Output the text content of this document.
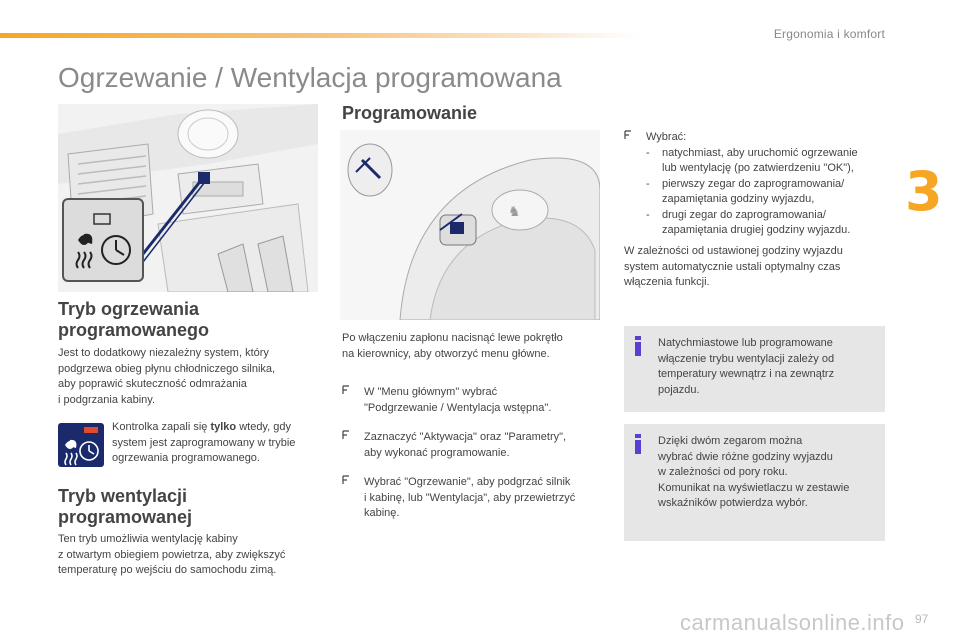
Ergonomia i komfort
3
Ogrzewanie / Wentylacja programowana
♞
Tryb ogrzewania
programowanego
Jest to dodatkowy niezależny system, który
podgrzewa obieg płynu chłodniczego silnika,
aby poprawić skuteczność odmrażania
i podgrzania kabiny.
Kontrolka zapali się tylko wtedy, gdy
system jest zaprogramowany w trybie
ogrzewania programowanego.
Tryb wentylacji
programowanej
Ten tryb umożliwia wentylację kabiny
z otwartym obiegiem powietrza, aby zwiększyć
temperaturę po wejściu do samochodu zimą.
Programowanie
Po włączeniu zapłonu nacisnąć lewe pokrętło
na kierownicy, aby otworzyć menu główne.
W "Menu głównym" wybrać
"Podgrzewanie / Wentylacja wstępna".
Zaznaczyć "Aktywacja" oraz "Parametry",
aby wykonać programowanie.
Wybrać "Ogrzewanie", aby podgrzać silnik
i kabinę, lub "Wentylacja", aby przewietrzyć
kabinę.
Wybrać:
- natychmiast, aby uruchomić ogrzewanie
lub wentylację (po zatwierdzeniu "OK"),
- pierwszy zegar do zaprogramowania/
zapamiętania godziny wyjazdu,
- drugi zegar do zaprogramowania/
zapamiętania drugiej godziny wyjazdu.
W zależności od ustawionej godziny wyjazdu
system automatycznie ustali optymalny czas
włączenia funkcji.
Natychmiastowe lub programowane
włączenie trybu wentylacji zależy od
temperatury wewnątrz i na zewnątrz
pojazdu.
Dzięki dwóm zegarom można
wybrać dwie różne godziny wyjazdu
w zależności od pory roku.
Komunikat na wyświetlaczu w zestawie
wskaźników potwierdza wybór.
97
carmanualsonline.info
